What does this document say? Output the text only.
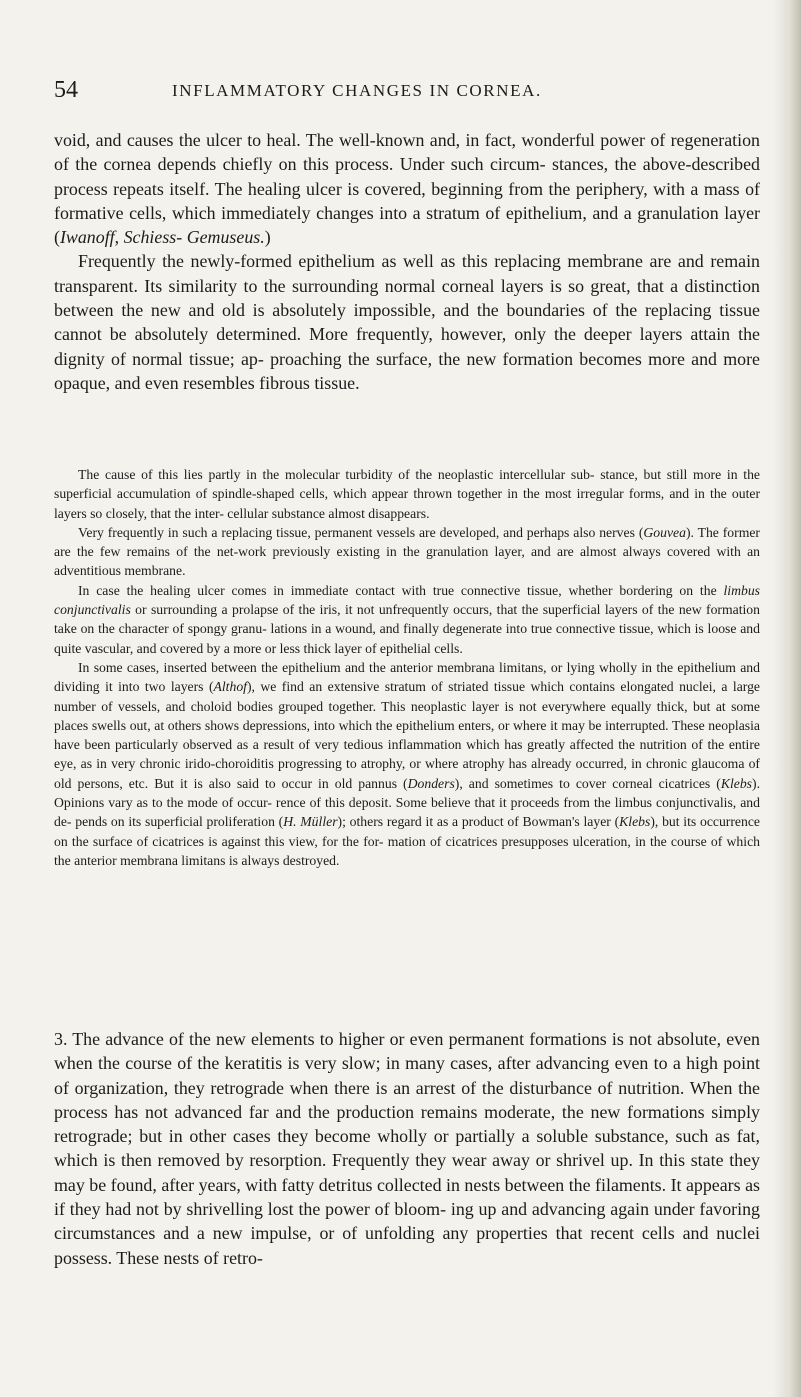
54	INFLAMMATORY CHANGES IN CORNEA.

void, and causes the ulcer to heal. The well-known and, in fact, wonderful power of regeneration of the cornea depends chiefly on this process. Under such circum- stances, the above-described process repeats itself. The healing ulcer is covered, beginning from the periphery, with a mass of formative cells, which immediately changes into a stratum of epithelium, and a granulation layer (Iwanoff, Schiess- Gemuseus.)

Frequently the newly-formed epithelium as well as this replacing membrane are and remain transparent. Its similarity to the surrounding normal corneal layers is so great, that a distinction between the new and old is absolutely impossible, and the boundaries of the replacing tissue cannot be absolutely determined. More frequently, however, only the deeper layers attain the dignity of normal tissue; ap- proaching the surface, the new formation becomes more and more opaque, and even resembles fibrous tissue.

The cause of this lies partly in the molecular turbidity of the neoplastic intercellular sub- stance, but still more in the superficial accumulation of spindle-shaped cells, which appear thrown together in the most irregular forms, and in the outer layers so closely, that the inter- cellular substance almost disappears.

Very frequently in such a replacing tissue, permanent vessels are developed, and perhaps also nerves (Gouvea). The former are the few remains of the net-work previously existing in the granulation layer, and are almost always covered with an adventitious membrane.

In case the healing ulcer comes in immediate contact with true connective tissue, whether bordering on the limbus conjunctivalis or surrounding a prolapse of the iris, it not unfrequently occurs, that the superficial layers of the new formation take on the character of spongy granu- lations in a wound, and finally degenerate into true connective tissue, which is loose and quite vascular, and covered by a more or less thick layer of epithelial cells.

In some cases, inserted between the epithelium and the anterior membrana limitans, or lying wholly in the epithelium and dividing it into two layers (Althof), we find an extensive stratum of striated tissue which contains elongated nuclei, a large number of vessels, and choloid bodies grouped together. This neoplastic layer is not everywhere equally thick, but at some places swells out, at others shows depressions, into which the epithelium enters, or where it may be interrupted. These neoplasia have been particularly observed as a result of very tedious inflammation which has greatly affected the nutrition of the entire eye, as in very chronic irido-choroiditis progressing to atrophy, or where atrophy has already occurred, in chronic glaucoma of old persons, etc. But it is also said to occur in old pannus (Donders), and sometimes to cover corneal cicatrices (Klebs). Opinions vary as to the mode of occur- rence of this deposit. Some believe that it proceeds from the limbus conjunctivalis, and de- pends on its superficial proliferation (H. Müller); others regard it as a product of Bowman's layer (Klebs), but its occurrence on the surface of cicatrices is against this view, for the for- mation of cicatrices presupposes ulceration, in the course of which the anterior membrana limitans is always destroyed.

3. The advance of the new elements to higher or even permanent formations is not absolute, even when the course of the keratitis is very slow; in many cases, after advancing even to a high point of organization, they retrograde when there is an arrest of the disturbance of nutrition. When the process has not advanced far and the production remains moderate, the new formations simply retrograde; but in other cases they become wholly or partially a soluble substance, such as fat, which is then removed by resorption. Frequently they wear away or shrivel up. In this state they may be found, after years, with fatty detritus collected in nests between the filaments. It appears as if they had not by shrivelling lost the power of bloom- ing up and advancing again under favoring circumstances and a new impulse, or of unfolding any properties that recent cells and nuclei possess. These nests of retro-
